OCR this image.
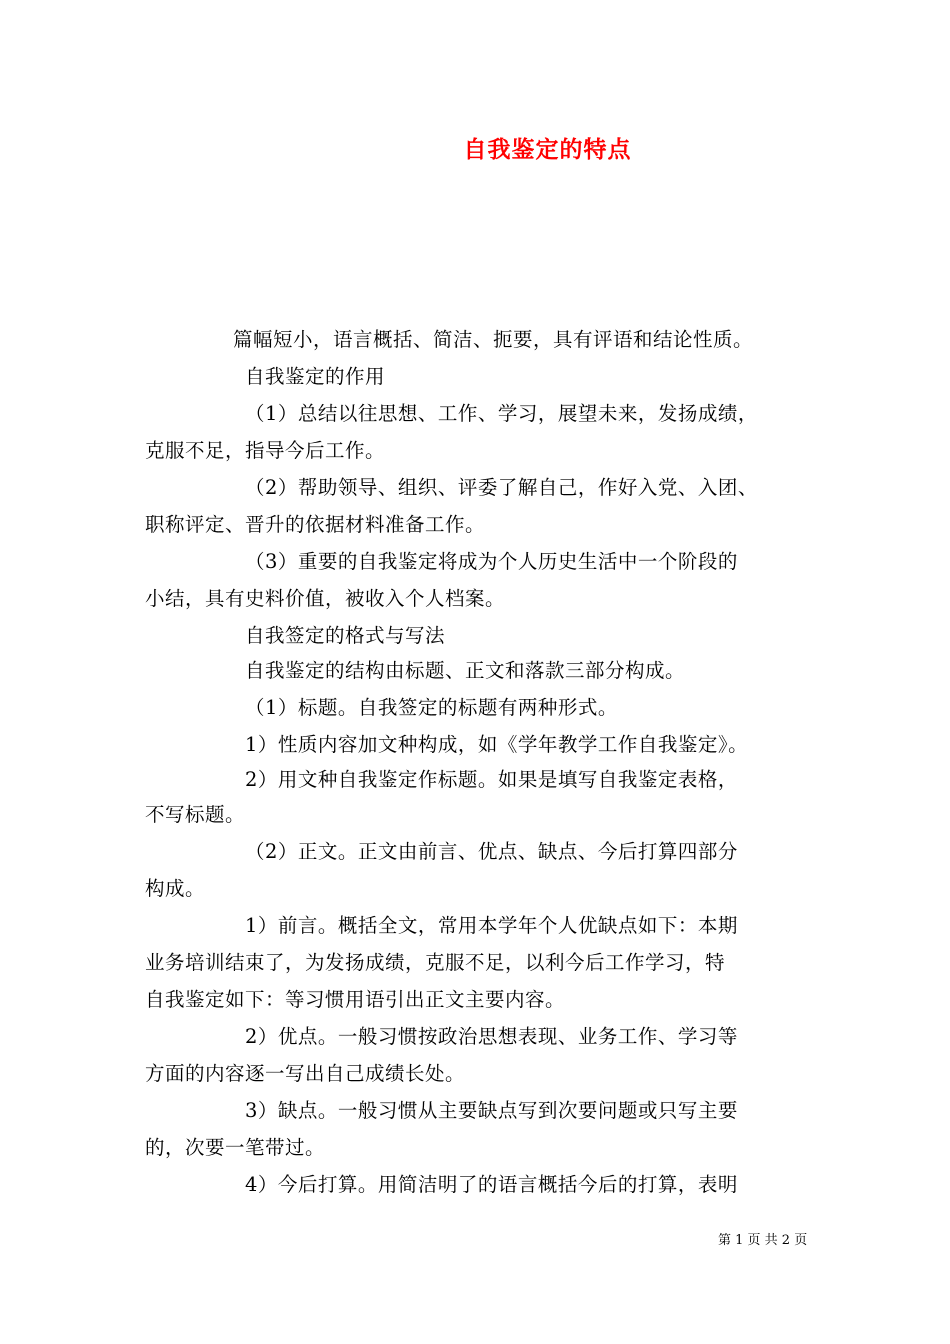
自我鉴定的特点
篇幅短小，语言概括、简洁、扼要，具有评语和结论性质。
自我鉴定的作用
（1）总结以往思想、工作、学习，展望未来，发扬成绩，
克服不足，指导今后工作。
（2）帮助领导、组织、评委了解自己，作好入党、入团、
职称评定、晋升的依据材料准备工作。
（3）重要的自我鉴定将成为个人历史生活中一个阶段的
小结，具有史料价值，被收入个人档案。
自我签定的格式与写法
自我鉴定的结构由标题、正文和落款三部分构成。
（1）标题。自我签定的标题有两种形式。
1）性质内容加文种构成，如《学年教学工作自我鉴定》。
2）用文种自我鉴定作标题。如果是填写自我鉴定表格，
不写标题。
（2）正文。正文由前言、优点、缺点、今后打算四部分
构成。
1）前言。概括全文，常用本学年个人优缺点如下：本期
业务培训结束了，为发扬成绩，克服不足，以利今后工作学习，特
自我鉴定如下：等习惯用语引出正文主要内容。
2）优点。一般习惯按政治思想表现、业务工作、学习等
方面的内容逐一写出自己成绩长处。
3）缺点。一般习惯从主要缺点写到次要问题或只写主要
的，次要一笔带过。
4）今后打算。用简洁明了的语言概括今后的打算，表明
第 1 页 共 2 页
